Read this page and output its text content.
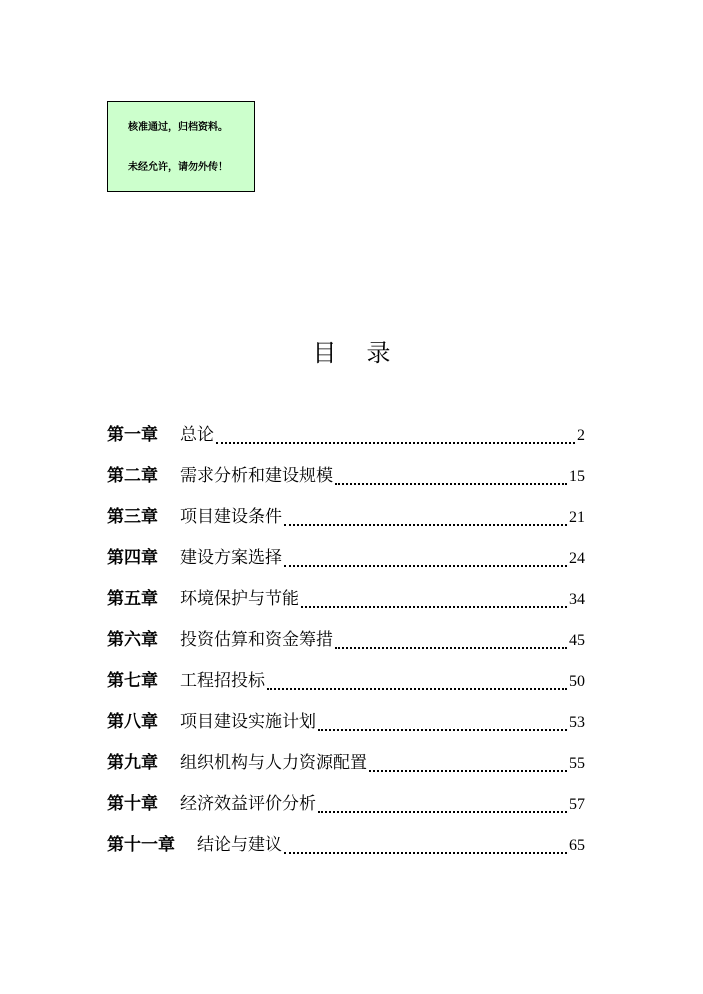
核准通过，归档资料。
未经允许，请勿外传！
目录
第一章 总论	2
第二章 需求分析和建设规模	15
第三章 项目建设条件	21
第四章 建设方案选择	24
第五章 环境保护与节能	34
第六章 投资估算和资金筹措	45
第七章 工程招投标	50
第八章 项目建设实施计划	53
第九章 组织机构与人力资源配置	55
第十章 经济效益评价分析	57
第十一章 结论与建议	65
